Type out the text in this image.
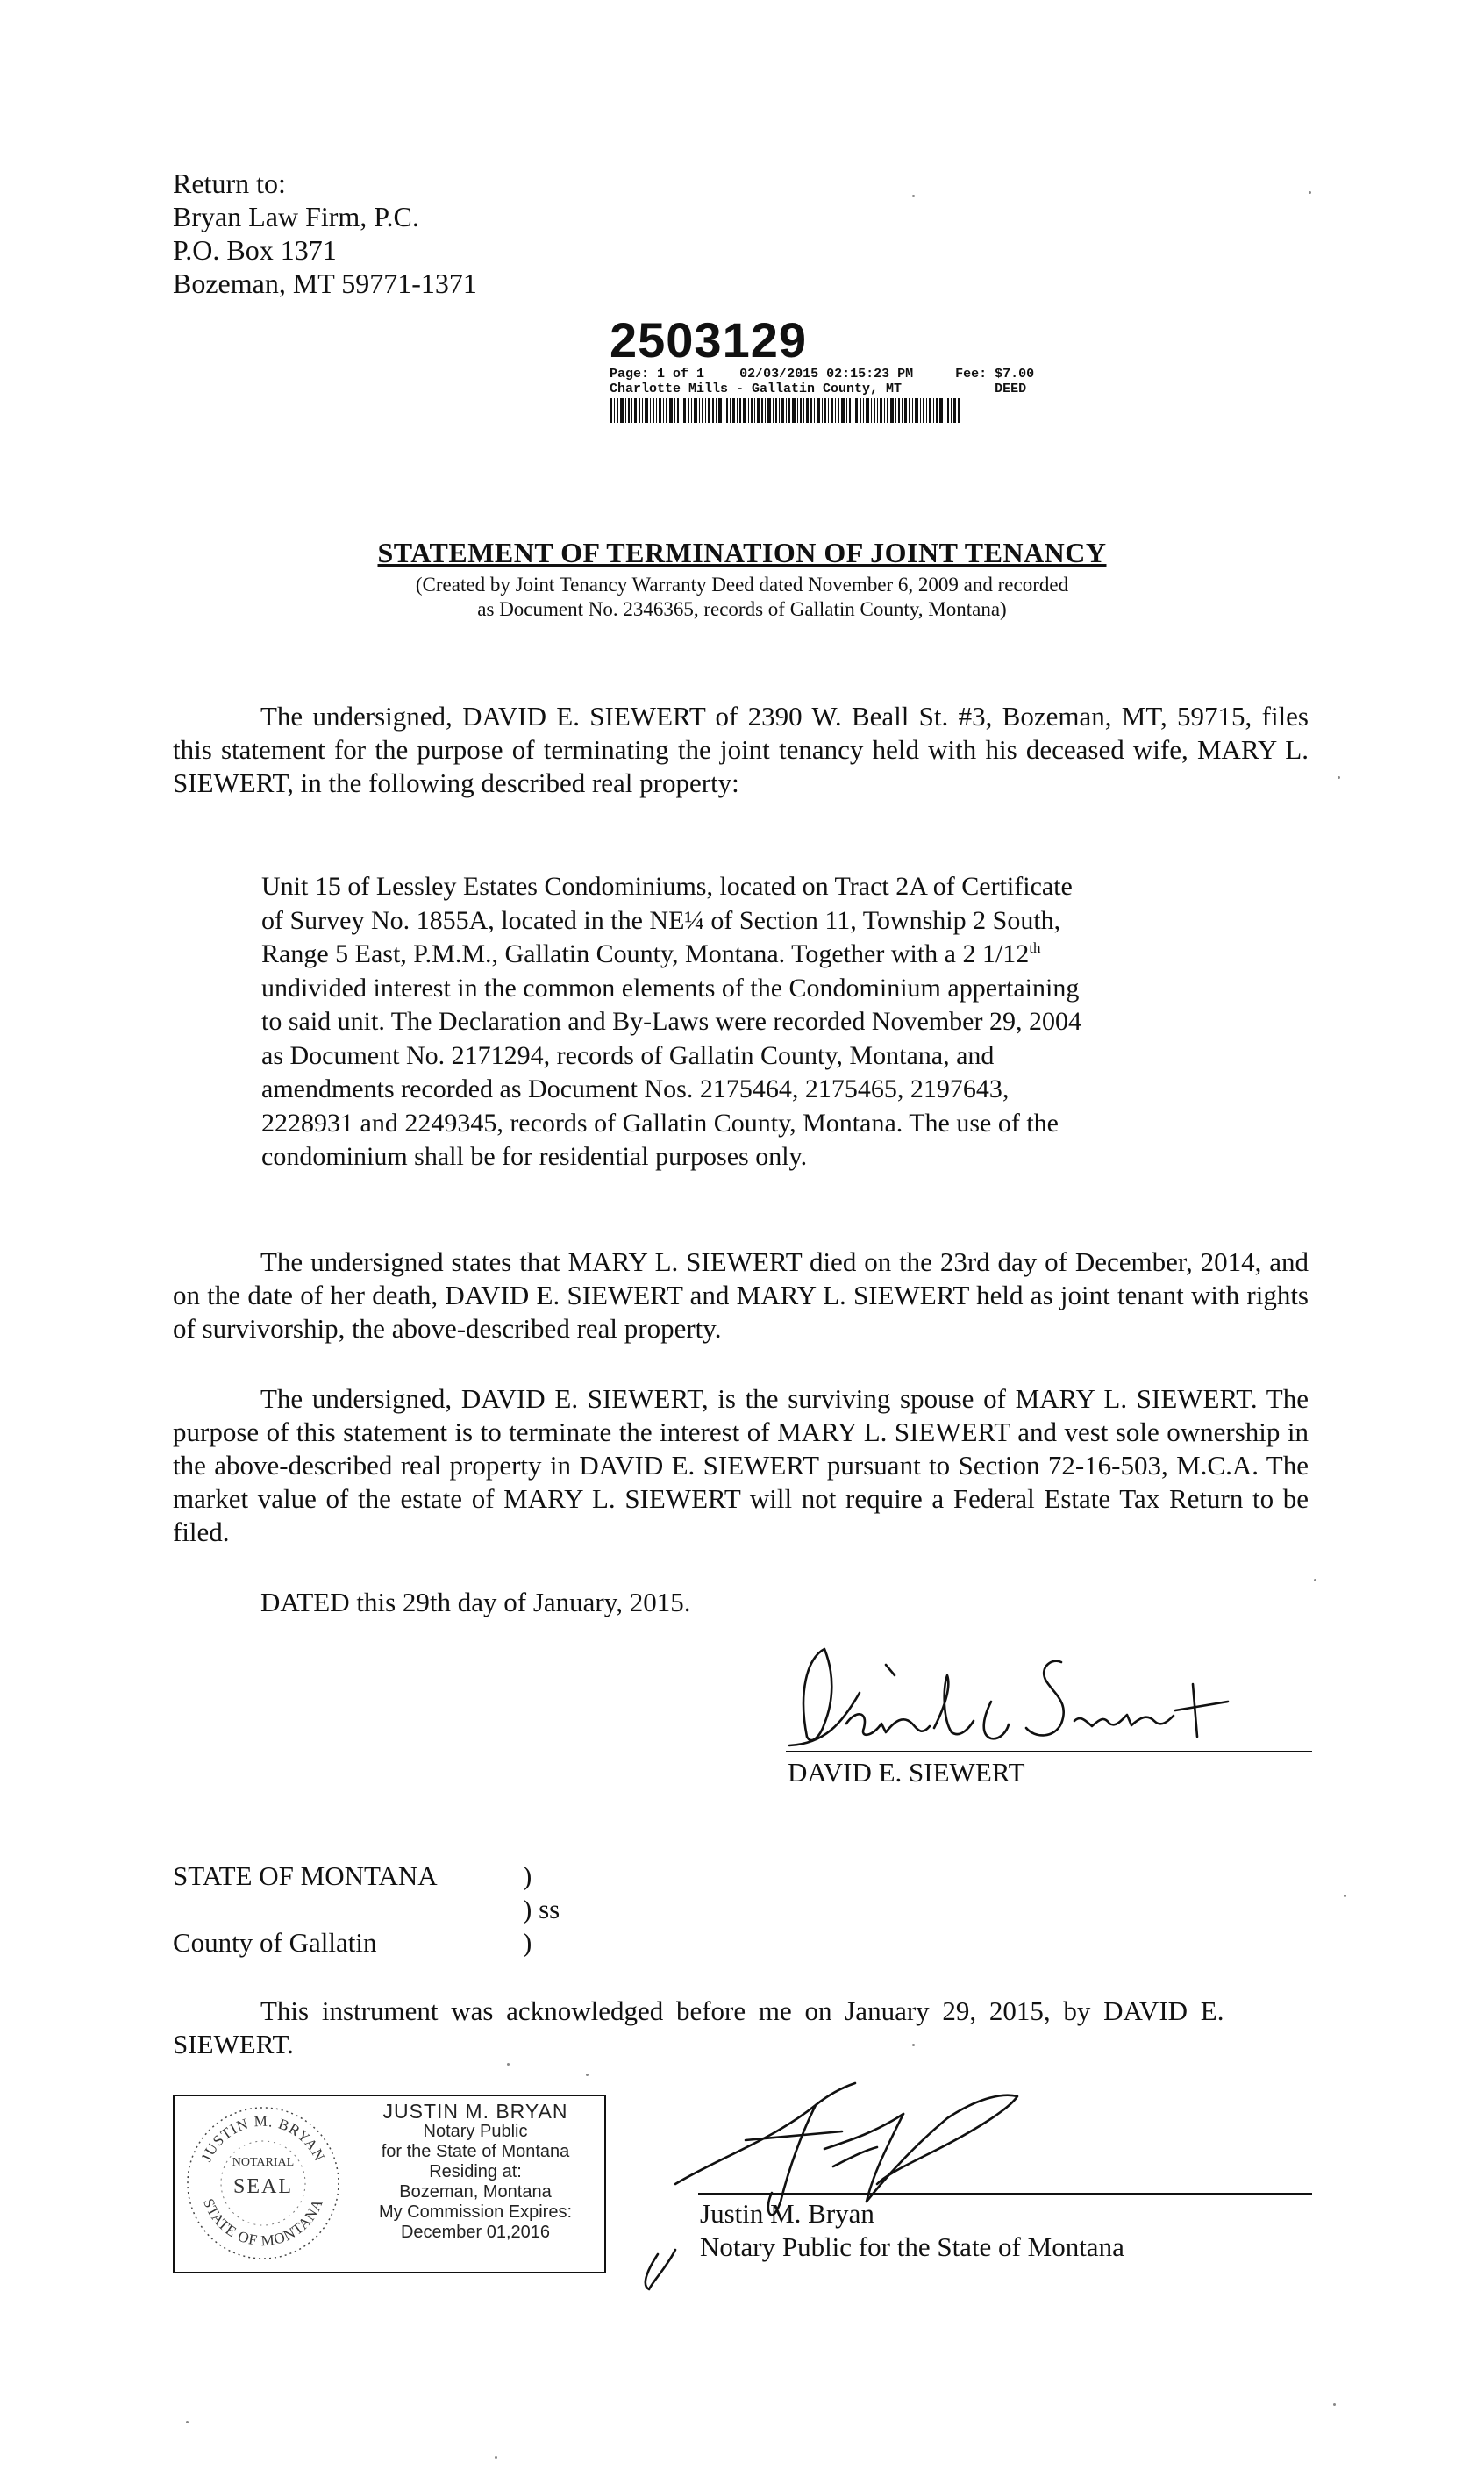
Return to:
Bryan Law Firm, P.C.
P.O. Box 1371
Bozeman, MT 59771-1371
2503129
Page: 1 of 1	02/03/2015 02:15:23 PM	Fee: $7.00
Charlotte Mills - Gallatin County, MT	DEED
STATEMENT OF TERMINATION OF JOINT TENANCY
(Created by Joint Tenancy Warranty Deed dated November 6, 2009 and recorded
as Document No. 2346365, records of Gallatin County, Montana)
The undersigned, DAVID E. SIEWERT of 2390 W. Beall St. #3, Bozeman, MT, 59715, files this statement for the purpose of terminating the joint tenancy held with his deceased wife, MARY L. SIEWERT, in the following described real property:
Unit 15 of Lessley Estates Condominiums, located on Tract 2A of Certificate
of Survey No. 1855A, located in the NE¼ of Section 11, Township 2 South,
Range 5 East, P.M.M., Gallatin County, Montana. Together with a 2 1/12th
undivided interest in the common elements of the Condominium appertaining
to said unit. The Declaration and By-Laws were recorded November 29, 2004
as Document No. 2171294, records of Gallatin County, Montana, and
amendments recorded as Document Nos. 2175464, 2175465, 2197643,
2228931 and 2249345, records of Gallatin County, Montana. The use of the
condominium shall be for residential purposes only.
The undersigned states that MARY L. SIEWERT died on the 23rd day of December, 2014, and on the date of her death, DAVID E. SIEWERT and MARY L. SIEWERT held as joint tenant with rights of survivorship, the above-described real property.
The undersigned, DAVID E. SIEWERT, is the surviving spouse of MARY L. SIEWERT. The purpose of this statement is to terminate the interest of MARY L. SIEWERT and vest sole ownership in the above-described real property in DAVID E. SIEWERT pursuant to Section 72-16-503, M.C.A. The market value of the estate of MARY L. SIEWERT will not require a Federal Estate Tax Return to be filed.
DATED this 29th day of January, 2015.
DAVID E. SIEWERT
STATE OF MONTANA	)
) ss
County of Gallatin	)
This instrument was acknowledged before me on January 29, 2015, by DAVID E.
SIEWERT.
JUSTIN M. BRYAN
NOTARIAL
SEAL
STATE OF MONTANA
JUSTIN M. BRYAN
Notary Public
for the State of Montana
Residing at:
Bozeman, Montana
My Commission Expires:
December 01,2016
Justin M. Bryan
Notary Public for the State of Montana
